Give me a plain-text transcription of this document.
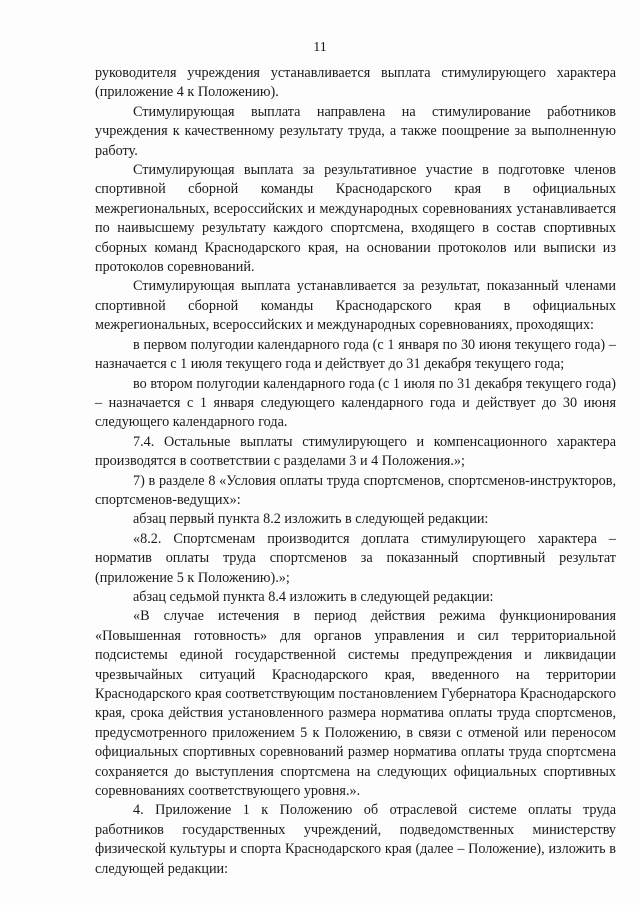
11

руководителя учреждения устанавливается выплата стимулирующего характера (приложение 4 к Положению).

Стимулирующая выплата направлена на стимулирование работников учреждения к качественному результату труда, а также поощрение за выполненную работу.

Стимулирующая выплата за результативное участие в подготовке членов спортивной сборной команды Краснодарского края в официальных межрегиональных, всероссийских и международных соревнованиях устанавливается по наивысшему результату каждого спортсмена, входящего в состав спортивных сборных команд Краснодарского края, на основании протоколов или выписки из протоколов соревнований.

Стимулирующая выплата устанавливается за результат, показанный членами спортивной сборной команды Краснодарского края в официальных межрегиональных, всероссийских и международных соревнованиях, проходящих:

в первом полугодии календарного года (с 1 января по 30 июня текущего года) – назначается с 1 июля текущего года и действует до 31 декабря текущего года;

во втором полугодии календарного года (с 1 июля по 31 декабря текущего года) – назначается с 1 января следующего календарного года и действует до 30 июня следующего календарного года.

7.4. Остальные выплаты стимулирующего и компенсационного характера производятся в соответствии с разделами 3 и 4 Положения.»;

7) в разделе 8 «Условия оплаты труда спортсменов, спортсменов-инструкторов, спортсменов-ведущих»:

абзац первый пункта 8.2 изложить в следующей редакции:

«8.2. Спортсменам производится доплата стимулирующего характера – норматив оплаты труда спортсменов за показанный спортивный результат (приложение 5 к Положению).»;

абзац седьмой пункта 8.4 изложить в следующей редакции:

«В случае истечения в период действия режима функционирования «Повышенная готовность» для органов управления и сил территориальной подсистемы единой государственной системы предупреждения и ликвидации чрезвычайных ситуаций Краснодарского края, введенного на территории Краснодарского края соответствующим постановлением Губернатора Краснодарского края, срока действия установленного размера норматива оплаты труда спортсменов, предусмотренного приложением 5 к Положению, в связи с отменой или переносом официальных спортивных соревнований размер норматива оплаты труда спортсмена сохраняется до выступления спортсмена на следующих официальных спортивных соревнованиях соответствующего уровня.».

4. Приложение 1 к Положению об отраслевой системе оплаты труда работников государственных учреждений, подведомственных министерству физической культуры и спорта Краснодарского края (далее – Положение), изложить в следующей редакции:
